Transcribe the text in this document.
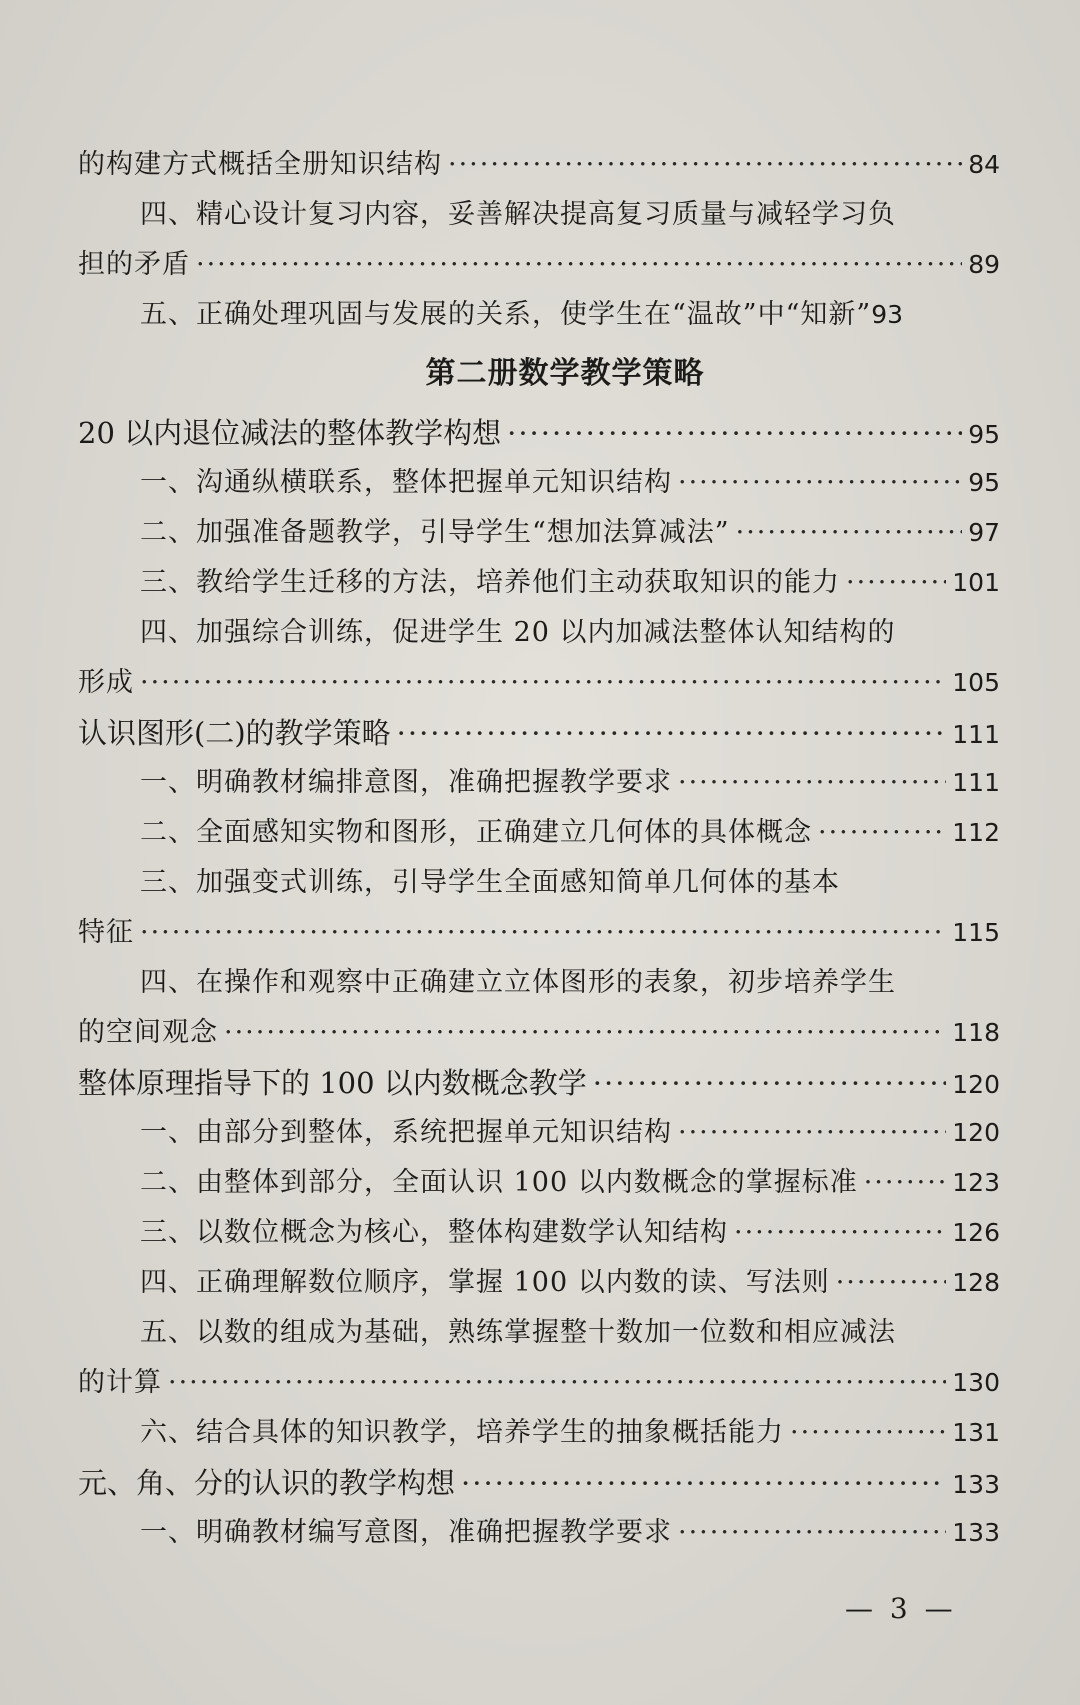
的构建方式概括全册知识结构 ·····	84
四、精心设计复习内容，妥善解决提高复习质量与减轻学习负
担的矛盾 ·····	89
五、正确处理巩固与发展的关系，使学生在“温故”中“知新” 93
第二册数学教学策略
20 以内退位减法的整体教学构想 ·····	95
一、沟通纵横联系，整体把握单元知识结构 ·····	95
二、加强准备题教学，引导学生“想加法算减法” ·····	97
三、教给学生迁移的方法，培养他们主动获取知识的能力 ·····	101
四、加强综合训练，促进学生 20 以内加减法整体认知结构的
形成 ·····	105
认识图形(二)的教学策略 ·····	111
一、明确教材编排意图，准确把握教学要求 ·····	111
二、全面感知实物和图形，正确建立几何体的具体概念 ·····	112
三、加强变式训练，引导学生全面感知简单几何体的基本
特征 ·····	115
四、在操作和观察中正确建立立体图形的表象，初步培养学生
的空间观念 ·····	118
整体原理指导下的 100 以内数概念教学 ·····	120
一、由部分到整体，系统把握单元知识结构 ·····	120
二、由整体到部分，全面认识 100 以内数概念的掌握标准 ·····	123
三、以数位概念为核心，整体构建数学认知结构 ·····	126
四、正确理解数位顺序，掌握 100 以内数的读、写法则 ·····	128
五、以数的组成为基础，熟练掌握整十数加一位数和相应减法
的计算 ·····	130
六、结合具体的知识教学，培养学生的抽象概括能力 ·····	131
元、角、分的认识的教学构想 ·····	133
一、明确教材编写意图，准确把握教学要求 ·····	133
— 3 —
